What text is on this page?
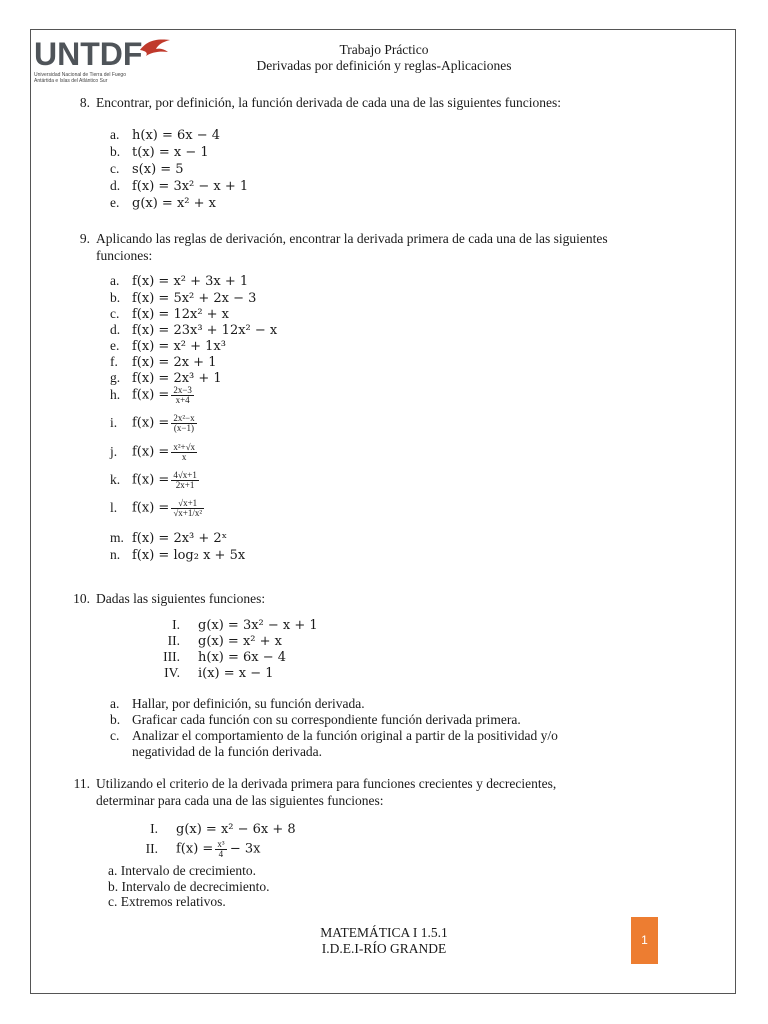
UNTDF
Universidad Nacional de Tierra del Fuego
Antártida e Islas del Atlántico Sur
Trabajo Práctico
Derivadas por definición y reglas-Aplicaciones
8. Encontrar, por definición, la función derivada de cada una de las siguientes funciones:
a. h(x) = 6x − 4
b. t(x) = x − 1
c. s(x) = 5
d. f(x) = 3x² − x + 1
e. g(x) = x² + x
9. Aplicando las reglas de derivación, encontrar la derivada primera de cada una de las siguientes
funciones:
a. f(x) = x² + 3x + 1
b. f(x) = 5x² + 2x − 3
c. f(x) = 12x² + x
d. f(x) = 23x³ + 12x² − x
e. f(x) = x² + 1x³
f. f(x) = 2x + 1
g. f(x) = 2x³ + 1
h. $f(x) = \frac{2x-3}{x+4}$
i. $f(x) = \frac{\text{2x²−x}}{(x-1)}$
j. $f(x) = \frac{\text{x²+√x}}{x}$
k. $f(x) = \frac{4√x+1}{2x+1}$
l. $f(x) = \frac{√x+1}{\text{√x+1/x²}}$
m. f(x) = 2x³ + 2ˣ
n. f(x) = log₂ x + 5x
10. Dadas las siguientes funciones:
I. g(x) = 3x² − x + 1
II. g(x) = x² + x
III. h(x) = 6x − 4
IV. i(x) = x − 1
a. Hallar, por definición, su función derivada.
b. Graficar cada función con su correspondiente función derivada primera.
c. Analizar el comportamiento de la función original a partir de la positividad y/o
negatividad de la función derivada.
11. Utilizando el criterio de la derivada primera para funciones crecientes y decrecientes,
determinar para cada una de las siguientes funciones:
I. g(x) = x² − 6x + 8
II. $f(x) = \frac{\text{x³}}{4} - 3x$
a. Intervalo de crecimiento.
b. Intervalo de decrecimiento.
c. Extremos relativos.
MATEMÁTICA I 1.5.1
I.D.E.I-RÍO GRANDE
1
